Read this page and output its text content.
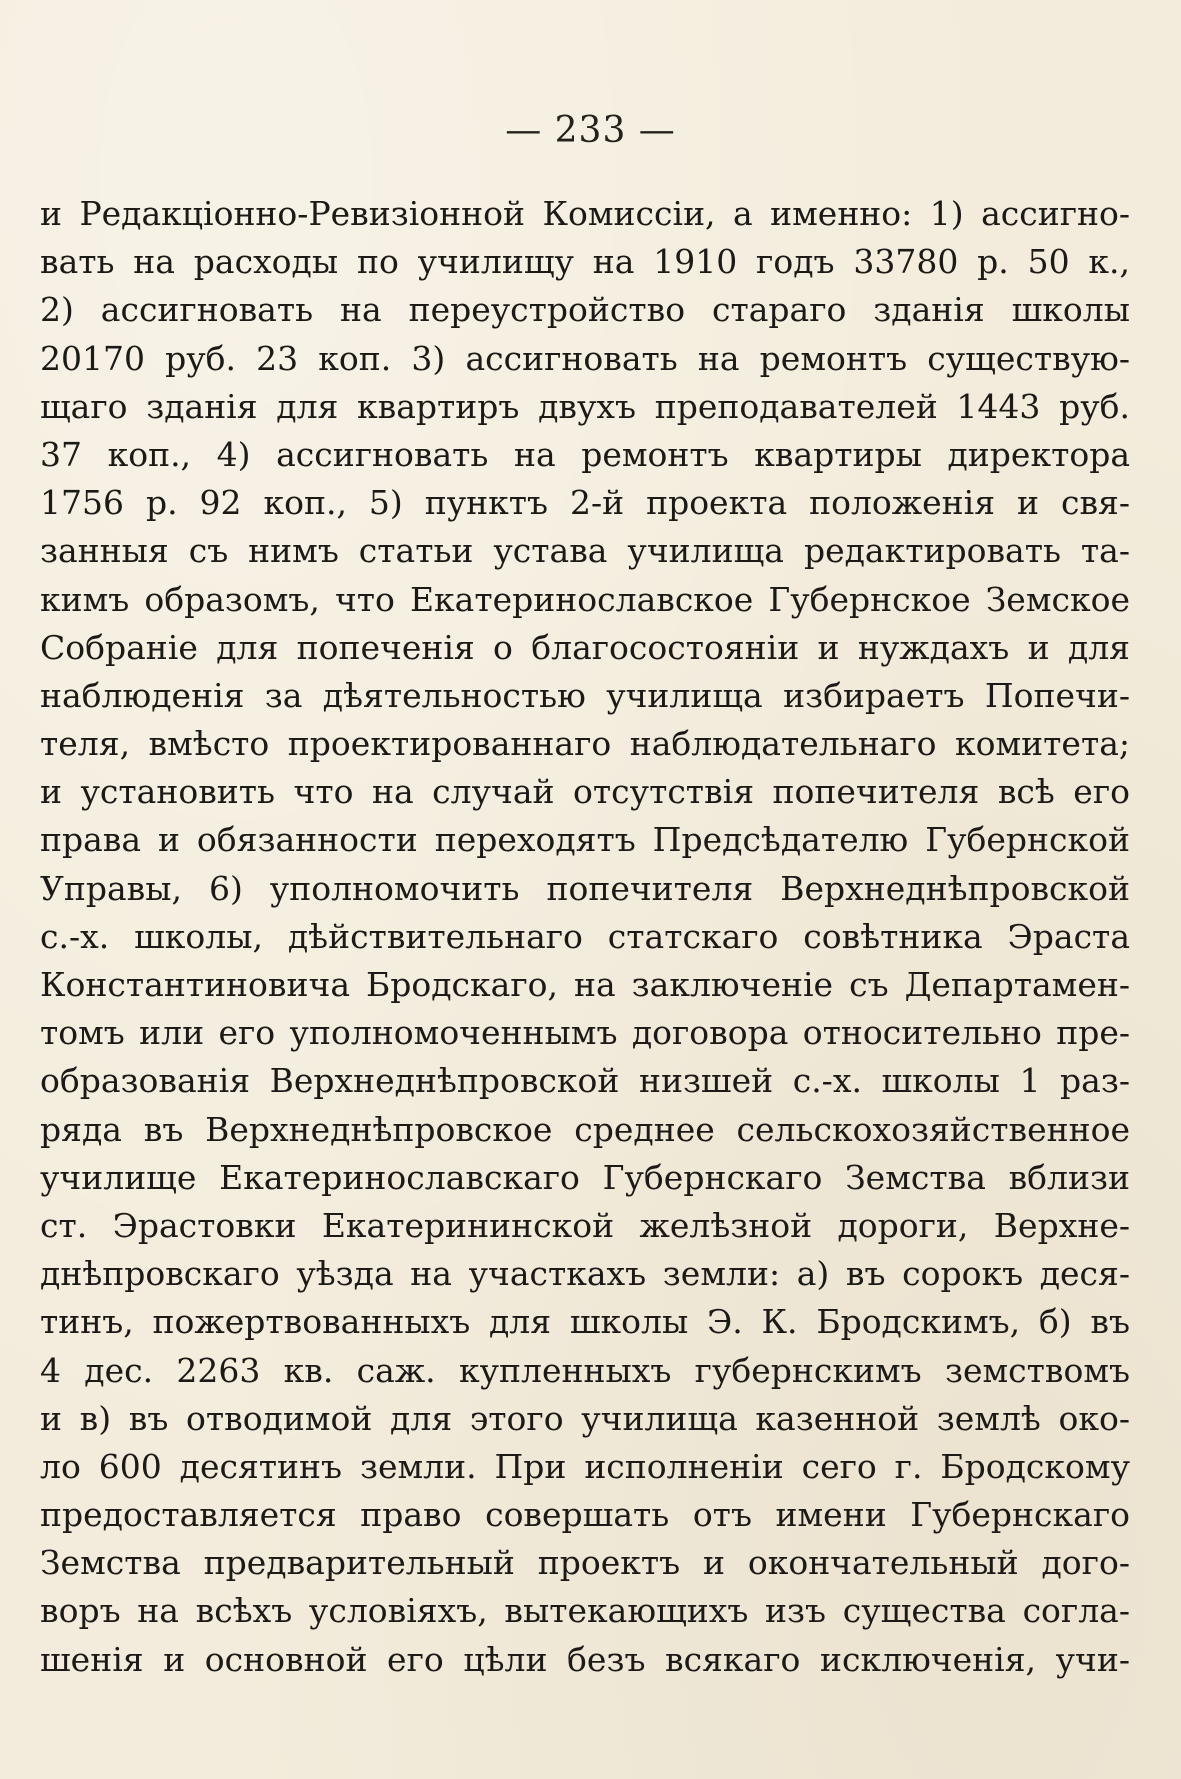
— 233 —
и Редакціонно-Ревизіонной Комиссіи, а именно: 1) ассигно-
вать на расходы по училищу на 1910 годъ 33780 р. 50 к.,
2) ассигновать на переустройство стараго зданія школы
20170 руб. 23 коп. 3) ассигновать на ремонтъ существую-
щаго зданія для квартиръ двухъ преподавателей 1443 руб.
37 коп., 4) ассигновать на ремонтъ квартиры директора
1756 р. 92 коп., 5) пунктъ 2-й проекта положенія и свя-
занныя съ нимъ статьи устава училища редактировать та-
кимъ образомъ, что Екатеринославское Губернское Земское
Собраніе для попеченія о благосостояніи и нуждахъ и для
наблюденія за дѣятельностью училища избираетъ Попечи-
теля, вмѣсто проектированнаго наблюдательнаго комитета;
и установить что на случай отсутствія попечителя всѣ его
права и обязанности переходятъ Предсѣдателю Губернской
Управы, 6) уполномочить попечителя Верхнеднѣпровской
с.-х. школы, дѣйствительнаго статскаго совѣтника Эраста
Константиновича Бродскаго, на заключеніе съ Департамен-
томъ или его уполномоченнымъ договора относительно пре-
образованія Верхнеднѣпровской низшей с.-х. школы 1 раз-
ряда въ Верхнеднѣпровское среднее сельскохозяйственное
училище Екатеринославскаго Губернскаго Земства вблизи
ст. Эрастовки Екатерининской желѣзной дороги, Верхне-
днѣпровскаго уѣзда на участкахъ земли: а) въ сорокъ деся-
тинъ, пожертвованныхъ для школы Э. К. Бродскимъ, б) въ
4 дес. 2263 кв. саж. купленныхъ губернскимъ земствомъ
и в) въ отводимой для этого училища казенной землѣ око-
ло 600 десятинъ земли. При исполненіи сего г. Бродскому
предоставляется право совершать отъ имени Губернскаго
Земства предварительный проектъ и окончательный дого-
воръ на всѣхъ условіяхъ, вытекающихъ изъ существа согла-
шенія и основной его цѣли безъ всякаго исключенія, учи-
